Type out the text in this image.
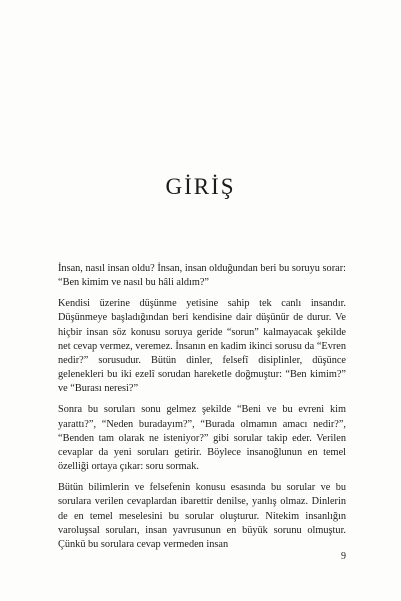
GİRİŞ

İnsan, nasıl insan oldu? İnsan, insan olduğundan beri bu soruyu sorar: “Ben kimim ve nasıl bu hâli aldım?”

Kendisi üzerine düşünme yetisine sahip tek canlı insandır. Düşünmeye başladığından beri kendisine dair düşünür de durur. Ve hiçbir insan söz konusu soruya geride “sorun” kalmayacak şekilde net cevap vermez, veremez. İnsanın en kadim ikinci sorusu da “Evren nedir?” sorusudur. Bütün dinler, felsefî disiplinler, düşünce gelenekleri bu iki ezelî sorudan hareketle doğmuştur: “Ben kimim?” ve “Burası neresi?”

Sonra bu soruları sonu gelmez şekilde “Beni ve bu evreni kim yarattı?”, “Neden buradayım?”, “Burada olmamın amacı nedir?”, “Benden tam olarak ne isteniyor?” gibi sorular takip eder. Verilen cevaplar da yeni soruları getirir. Böylece insanoğlunun en temel özelliği ortaya çıkar: soru sormak.

Bütün bilimlerin ve felsefenin konusu esasında bu sorular ve bu sorulara verilen cevaplardan ibarettir denilse, yanlış olmaz. Dinlerin de en temel meselesini bu sorular oluşturur. Nitekim insanlığın varoluşsal soruları, insan yavrusunun en büyük sorunu olmuştur. Çünkü bu sorulara cevap vermeden insan

9
